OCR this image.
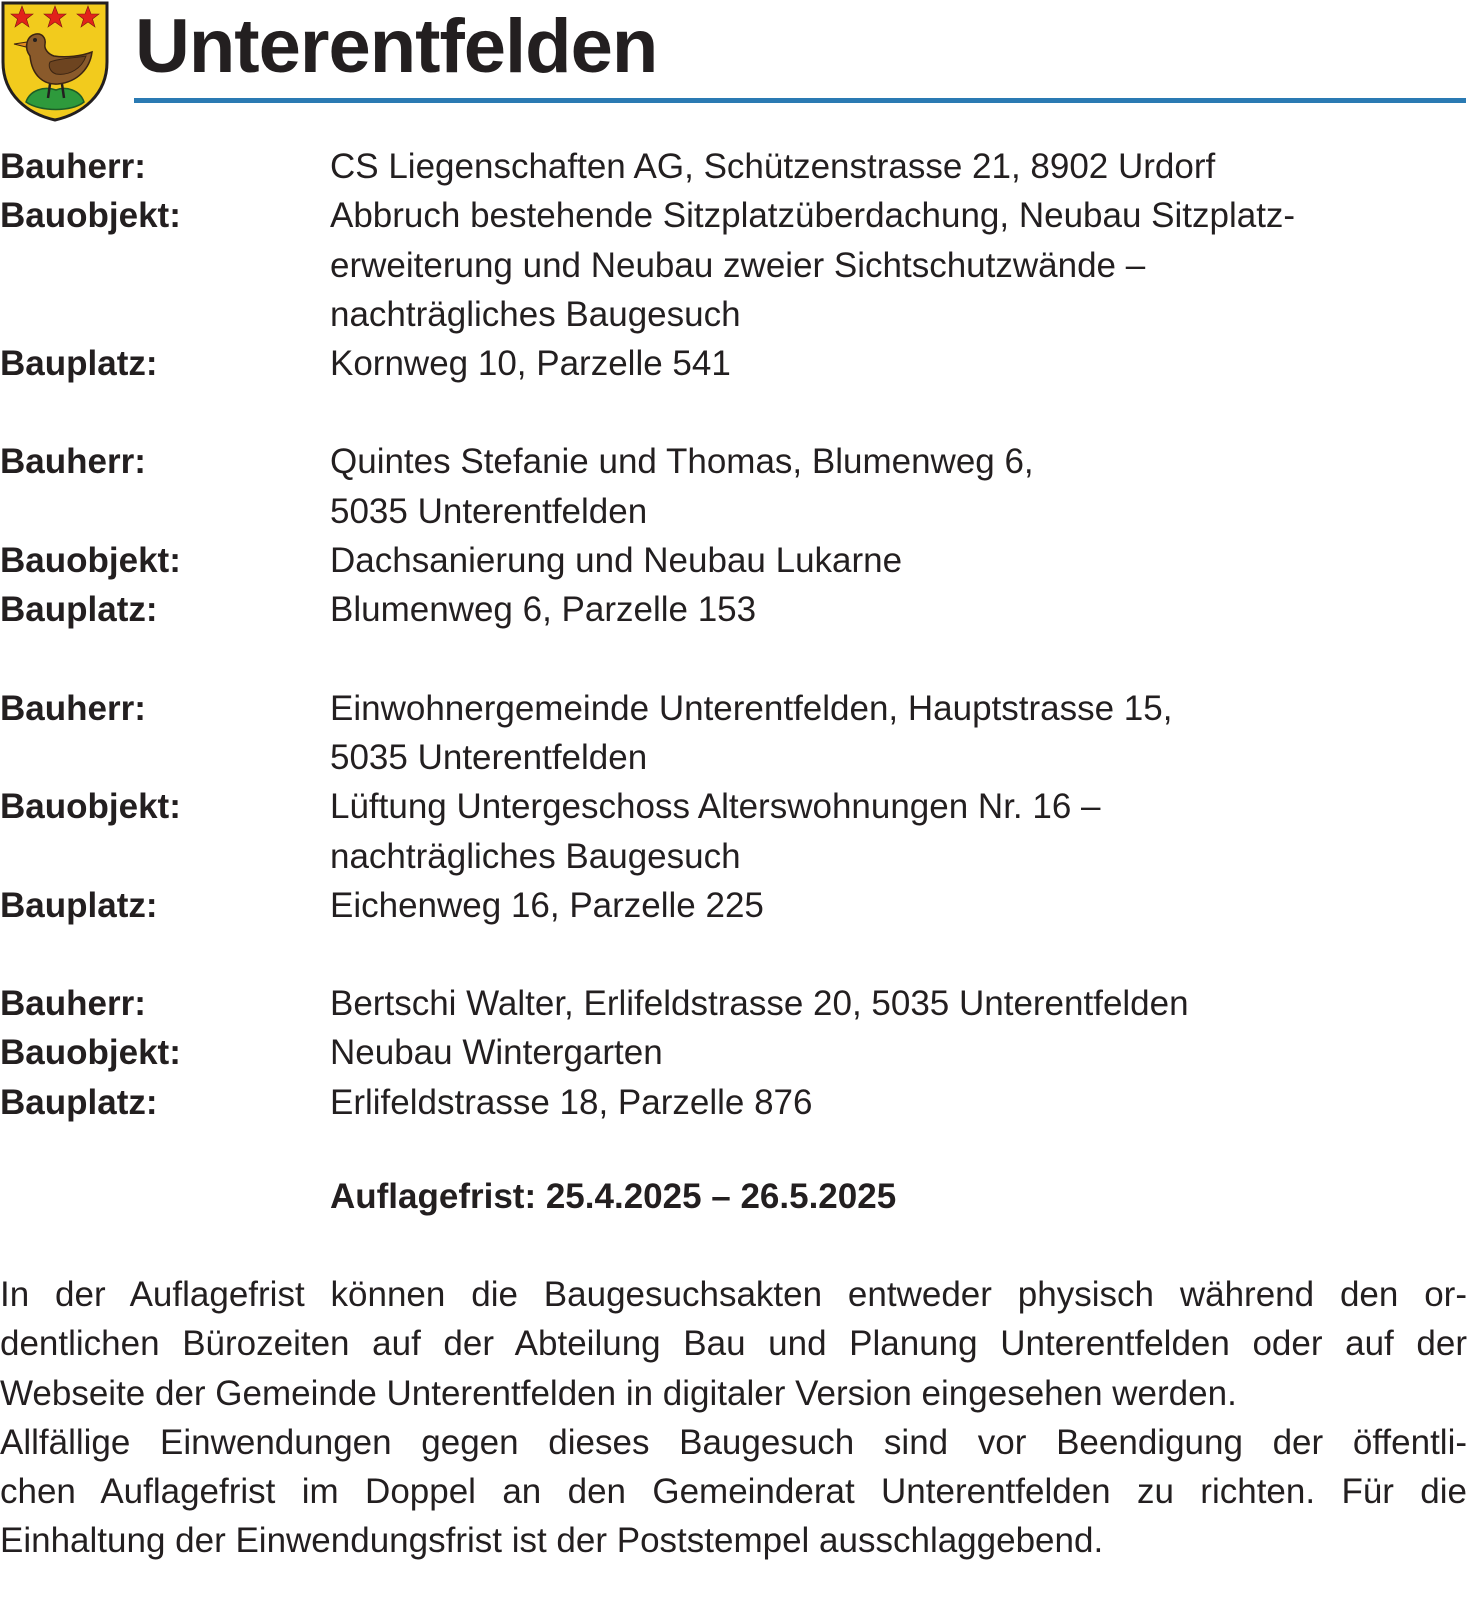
Unterentfelden
Bauherr:	CS Liegenschaften AG, Schützenstrasse 21, 8902 Urdorf
Bauobjekt:	Abbruch bestehende Sitzplatzüberdachung, Neubau Sitzplatz-
erweiterung und Neubau zweier Sichtschutzwände –
nachträgliches Baugesuch
Bauplatz:	Kornweg 10, Parzelle 541
Bauherr:	Quintes Stefanie und Thomas, Blumenweg 6,
5035 Unterentfelden
Bauobjekt:	Dachsanierung und Neubau Lukarne
Bauplatz:	Blumenweg 6, Parzelle 153
Bauherr:	Einwohnergemeinde Unterentfelden, Hauptstrasse 15,
5035 Unterentfelden
Bauobjekt:	Lüftung Untergeschoss Alterswohnungen Nr. 16 –
nachträgliches Baugesuch
Bauplatz:	Eichenweg 16, Parzelle 225
Bauherr:	Bertschi Walter, Erlifeldstrasse 20, 5035 Unterentfelden
Bauobjekt:	Neubau Wintergarten
Bauplatz:	Erlifeldstrasse 18, Parzelle 876
Auflagefrist: 25.4.2025 – 26.5.2025
In der Auflagefrist können die Baugesuchsakten entweder physisch während den or-
dentlichen Bürozeiten auf der Abteilung Bau und Planung Unterentfelden oder auf der
Webseite der Gemeinde Unterentfelden in digitaler Version eingesehen werden.
Allfällige Einwendungen gegen dieses Baugesuch sind vor Beendigung der öffentli-
chen Auflagefrist im Doppel an den Gemeinderat Unterentfelden zu richten. Für die
Einhaltung der Einwendungsfrist ist der Poststempel ausschlaggebend.
